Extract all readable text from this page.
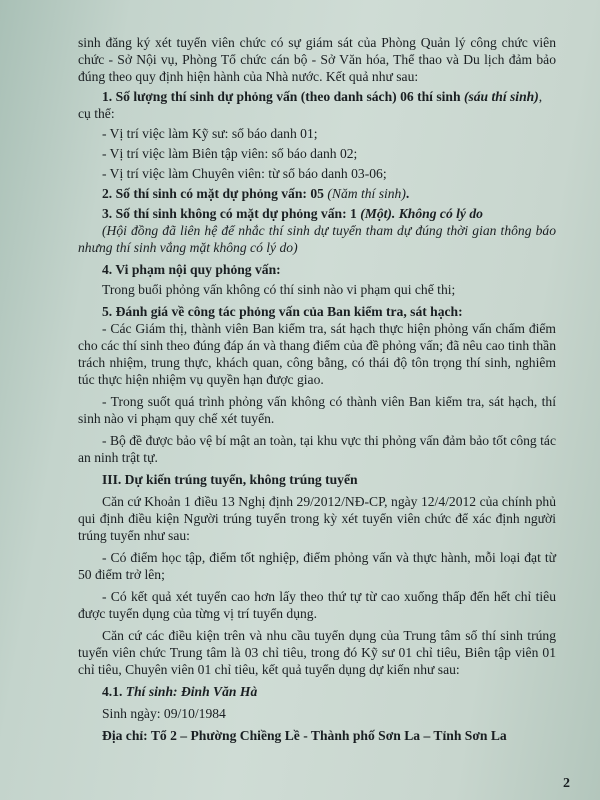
sinh đăng ký xét tuyển viên chức có sự giám sát của Phòng Quản lý công chức viên chức - Sở Nội vụ, Phòng Tổ chức cán bộ - Sở Văn hóa, Thể thao và Du lịch đảm bảo đúng theo quy định hiện hành của Nhà nước. Kết quả như sau:

1. Số lượng thí sinh dự phỏng vấn (theo danh sách) 06 thí sinh (sáu thí sinh), cụ thể:

- Vị trí việc làm Kỹ sư: số báo danh 01;

- Vị trí việc làm Biên tập viên: số báo danh 02;

- Vị trí việc làm Chuyên viên: từ số báo danh 03-06;

2. Số thí sinh có mặt dự phỏng vấn: 05 (Năm thí sinh).

3. Số thí sinh không có mặt dự phỏng vấn: 1 (Một). Không có lý do

(Hội đồng đã liên hệ để nhắc thí sinh dự tuyển tham dự đúng thời gian thông báo nhưng thí sinh vắng mặt không có lý do)

4. Vi phạm nội quy phỏng vấn:

Trong buổi phỏng vấn không có thí sinh nào vi phạm qui chế thi;

5. Đánh giá về công tác phỏng vấn của Ban kiểm tra, sát hạch:

- Các Giám thị, thành viên Ban kiểm tra, sát hạch thực hiện phỏng vấn chấm điểm cho các thí sinh theo đúng đáp án và thang điểm của đề phỏng vấn; đã nêu cao tinh thần trách nhiệm, trung thực, khách quan, công bằng, có thái độ tôn trọng thí sinh, nghiêm túc thực hiện nhiệm vụ quyền hạn được giao.

- Trong suốt quá trình phỏng vấn không có thành viên Ban kiểm tra, sát hạch, thí sinh nào vi phạm quy chế xét tuyển.

- Bộ đề được bảo vệ bí mật an toàn, tại khu vực thi phỏng vấn đảm bảo tốt công tác an ninh trật tự.

III. Dự kiến trúng tuyển, không trúng tuyển

Căn cứ Khoản 1 điều 13 Nghị định 29/2012/NĐ-CP, ngày 12/4/2012 của chính phủ qui định điều kiện Người trúng tuyển trong kỳ xét tuyển viên chức để xác định người trúng tuyển như sau:

- Có điểm học tập, điểm tốt nghiệp, điểm phỏng vấn và thực hành, mỗi loại đạt từ 50 điểm trở lên;

- Có kết quả xét tuyển cao hơn lấy theo thứ tự từ cao xuống thấp đến hết chỉ tiêu được tuyển dụng của từng vị trí tuyển dụng.

Căn cứ các điều kiện trên và nhu cầu tuyển dụng của Trung tâm số thí sinh trúng tuyển viên chức Trung tâm là 03 chỉ tiêu, trong đó Kỹ sư 01 chỉ tiêu, Biên tập viên 01 chỉ tiêu, Chuyên viên 01 chỉ tiêu, kết quả tuyển dụng dự kiến như sau:

4.1. Thí sinh: Đinh Văn Hà

Sinh ngày: 09/10/1984

Địa chỉ: Tổ 2 – Phường Chiềng Lề - Thành phố Sơn La – Tỉnh Sơn La

2
